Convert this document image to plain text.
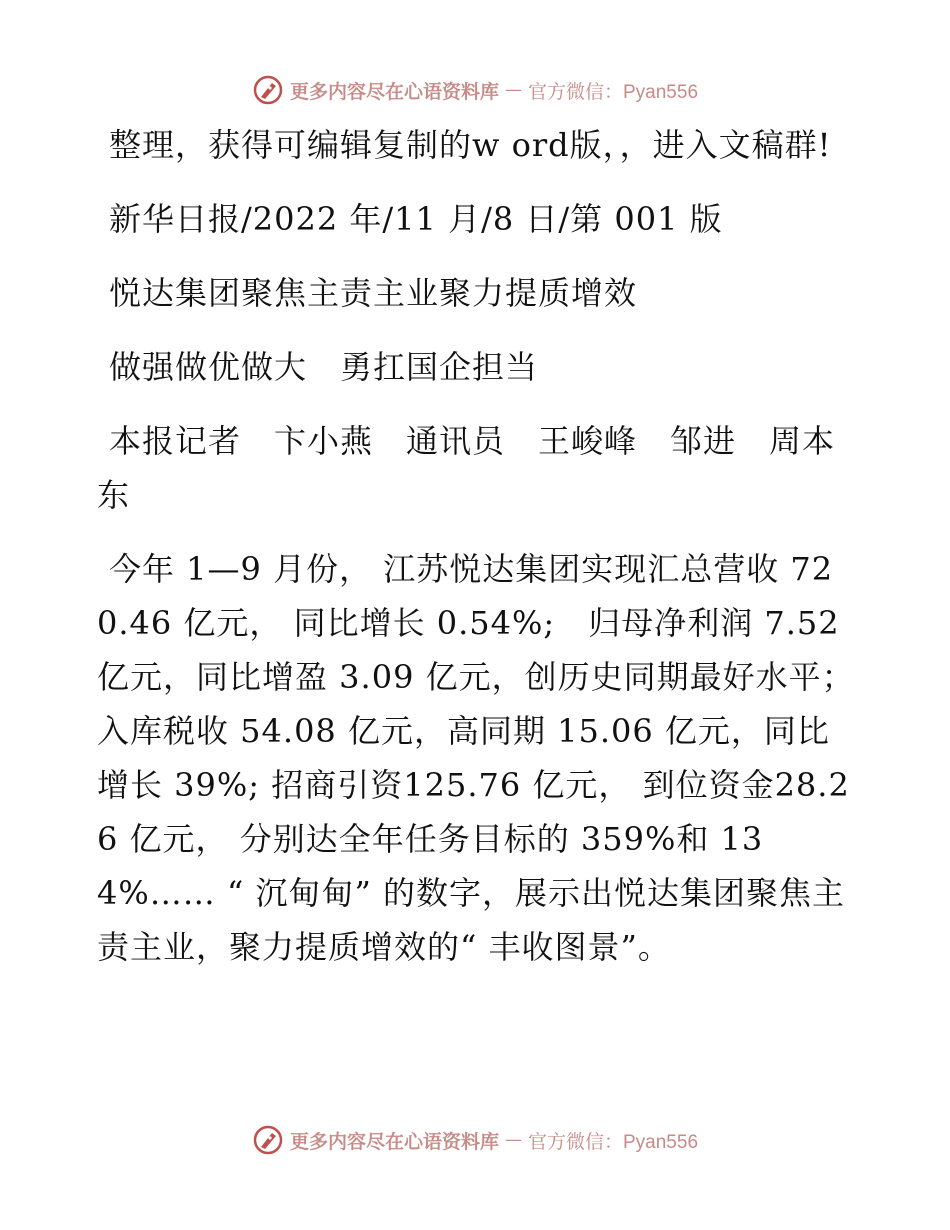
更多内容尽在心语资料库 — 官方微信：Pyan556

整理，获得可编辑复制的w ord版，，进入文稿群!

新华日报/2022 年/11 月/8 日/第 001 版

悦达集团聚焦主责主业聚力提质增效

做强做优做大　勇扛国企担当

本报记者　卞小燕　通讯员　王峻峰　邹进　周本东

今年 1—9 月份， 江苏悦达集团实现汇总营收 720.46 亿元， 同比增长 0.54%;　归母净利润 7.52亿元，同比增盈 3.09 亿元，创历史同期最好水平；入库税收 54.08 亿元，高同期 15.06 亿元，同比增长 39%; 招商引资125.76 亿元， 到位资金28.26 亿元， 分别达全年任务目标的 359%和 134%…… “ 沉甸甸” 的数字，展示出悦达集团聚焦主责主业，聚力提质增效的“ 丰收图景”。

更多内容尽在心语资料库 — 官方微信：Pyan556
